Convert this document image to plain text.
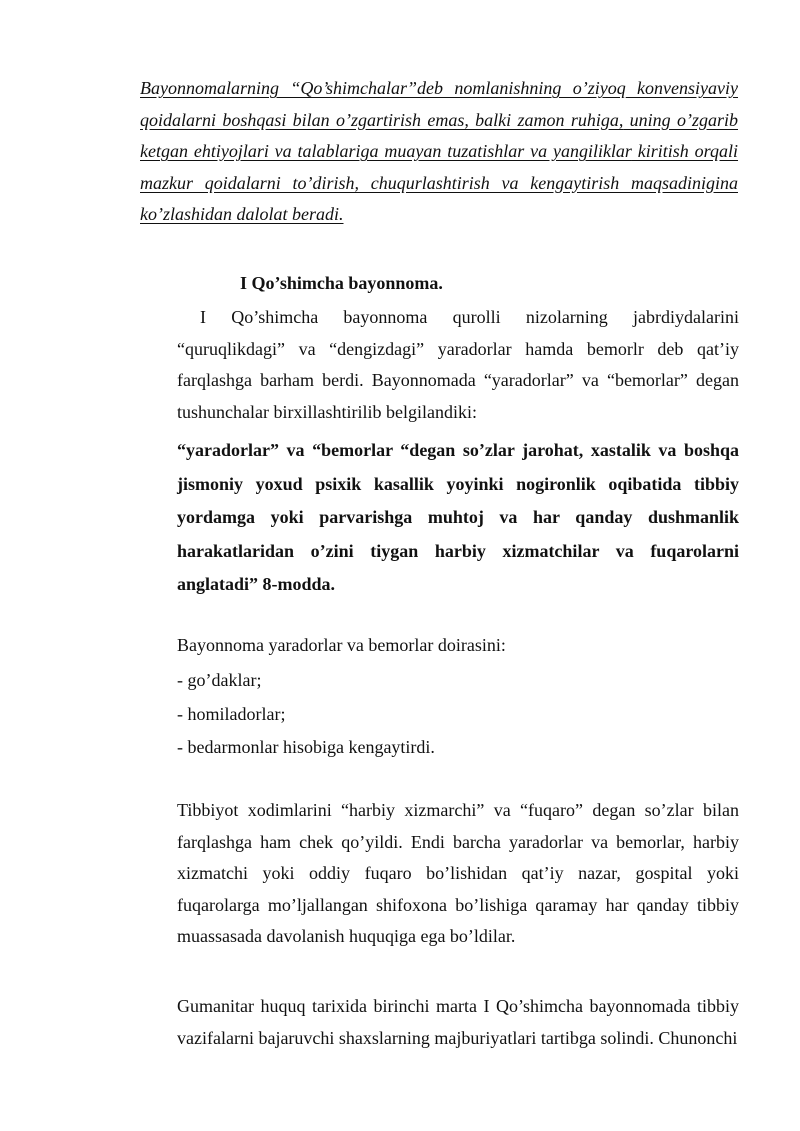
Bayonnomalarning “Qo’shimchalar”deb nomlanishning o’ziyoq konvensiyaviy qoidalarni boshqasi bilan o’zgartirish emas, balki zamon ruhiga, uning o’zgarib ketgan ehtiyojlari va talablariga muayan tuzatishlar va yangiliklar kiritish orqali mazkur qoidalarni to’dirish, chuqurlashtirish va kengaytirish maqsadinigina ko’zlashidan dalolat beradi.

I Qo’shimcha bayonnoma.

I Qo’shimcha bayonnoma qurolli nizolarning jabrdiydalarini “quruqlikdagi” va “dengizdagi” yaradorlar hamda bemorlr deb qat’iy farqlashga barham berdi. Bayonnomada “yaradorlar” va “bemorlar” degan tushunchalar birxillashtirilib belgilandiki:

“yaradorlar” va “bemorlar “degan so’zlar jarohat, xastalik va boshqa jismoniy yoxud psixik kasallik yoyinki nogironlik oqibatida tibbiy yordamga yoki parvarishga muhtoj va har qanday dushmanlik harakatlaridan o’zini tiygan harbiy xizmatchilar va fuqarolarni anglatadi” 8-modda.

Bayonnoma yaradorlar va bemorlar doirasini:

- go’daklar;
- homiladorlar;
- bedarmonlar hisobiga kengaytirdi.

Tibbiyot xodimlarini “harbiy xizmarchi” va “fuqaro” degan so’zlar bilan farqlashga ham chek qo’yildi. Endi barcha yaradorlar va bemorlar, harbiy xizmatchi yoki oddiy fuqaro bo’lishidan qat’iy nazar, gospital yoki fuqarolarga mo’ljallangan shifoxona bo’lishiga qaramay har qanday tibbiy muassasada davolanish huquqiga ega bo’ldilar.

Gumanitar huquq tarixida birinchi marta I Qo’shimcha bayonnomada tibbiy vazifalarni bajaruvchi shaxslarning majburiyatlari tartibga solindi. Chunonchi
